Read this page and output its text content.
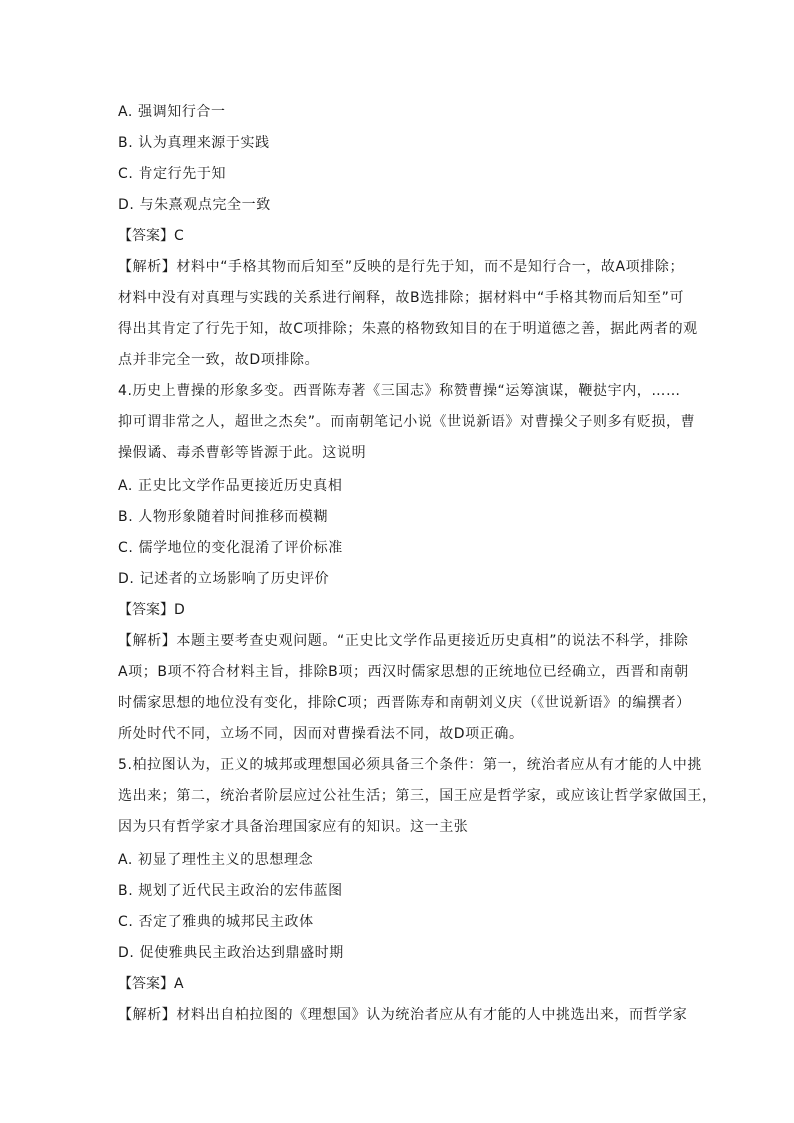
A. 强调知行合一
B. 认为真理来源于实践
C. 肯定行先于知
D. 与朱熹观点完全一致
【答案】C
【解析】材料中“手格其物而后知至”反映的是行先于知，而不是知行合一，故A项排除；
材料中没有对真理与实践的关系进行阐释，故B选排除；据材料中“手格其物而后知至”可
得出其肯定了行先于知，故C项排除；朱熹的格物致知目的在于明道德之善，据此两者的观
点并非完全一致，故D项排除。
4.历史上曹操的形象多变。西晋陈寿著《三国志》称赞曹操“运筹演谋，鞭挞宇内，……
抑可谓非常之人，超世之杰矣”。而南朝笔记小说《世说新语》对曹操父子则多有贬损，曹
操假谲、毒杀曹彰等皆源于此。这说明
A. 正史比文学作品更接近历史真相
B. 人物形象随着时间推移而模糊
C. 儒学地位的变化混淆了评价标准
D. 记述者的立场影响了历史评价
【答案】D
【解析】本题主要考查史观问题。“正史比文学作品更接近历史真相”的说法不科学，排除
A项；B项不符合材料主旨，排除B项；西汉时儒家思想的正统地位已经确立，西晋和南朝
时儒家思想的地位没有变化，排除C项；西晋陈寿和南朝刘义庆（《世说新语》的编撰者）
所处时代不同，立场不同，因而对曹操看法不同，故D项正确。
5.柏拉图认为，正义的城邦或理想国必须具备三个条件：第一，统治者应从有才能的人中挑
选出来；第二，统治者阶层应过公社生活；第三，国王应是哲学家，或应该让哲学家做国王，
因为只有哲学家才具备治理国家应有的知识。这一主张
A. 初显了理性主义的思想理念
B. 规划了近代民主政治的宏伟蓝图
C. 否定了雅典的城邦民主政体
D. 促使雅典民主政治达到鼎盛时期
【答案】A
【解析】材料出自柏拉图的《理想国》认为统治者应从有才能的人中挑选出来，而哲学家
